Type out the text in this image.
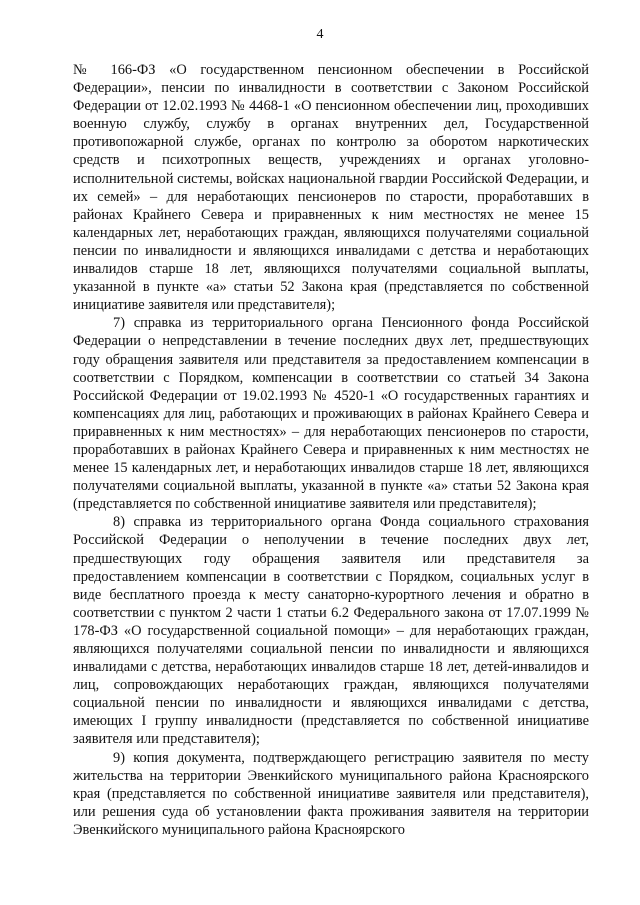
4

№ 166-ФЗ «О государственном пенсионном обеспечении в Российской Федерации», пенсии по инвалидности в соответствии с Законом Российской Федерации от 12.02.1993 № 4468-1 «О пенсионном обеспечении лиц, проходивших военную службу, службу в органах внутренних дел, Государственной противопожарной службе, органах по контролю за оборотом наркотических средств и психотропных веществ, учреждениях и органах уголовно-исполнительной системы, войсках национальной гвардии Российской Федерации, и их семей» – для неработающих пенсионеров по старости, проработавших в районах Крайнего Севера и приравненных к ним местностях не менее 15 календарных лет, неработающих граждан, являющихся получателями социальной пенсии по инвалидности и являющихся инвалидами с детства и неработающих инвалидов старше 18 лет, являющихся получателями социальной выплаты, указанной в пункте «а» статьи 52 Закона края (представляется по собственной инициативе заявителя или представителя);

7) справка из территориального органа Пенсионного фонда Российской Федерации о непредставлении в течение последних двух лет, предшествующих году обращения заявителя или представителя за предоставлением компенсации в соответствии с Порядком, компенсации в соответствии со статьей 34 Закона Российской Федерации от 19.02.1993 № 4520-1 «О государственных гарантиях и компенсациях для лиц, работающих и проживающих в районах Крайнего Севера и приравненных к ним местностях» – для неработающих пенсионеров по старости, проработавших в районах Крайнего Севера и приравненных к ним местностях не менее 15 календарных лет, и неработающих инвалидов старше 18 лет, являющихся получателями социальной выплаты, указанной в пункте «а» статьи 52 Закона края (представляется по собственной инициативе заявителя или представителя);

8) справка из территориального органа Фонда социального страхования Российской Федерации о неполучении в течение последних двух лет, предшествующих году обращения заявителя или представителя за предоставлением компенсации в соответствии с Порядком, социальных услуг в виде бесплатного проезда к месту санаторно-курортного лечения и обратно в соответствии с пунктом 2 части 1 статьи 6.2 Федерального закона от 17.07.1999 № 178-ФЗ «О государственной социальной помощи» – для неработающих граждан, являющихся получателями социальной пенсии по инвалидности и являющихся инвалидами с детства, неработающих инвалидов старше 18 лет, детей-инвалидов и лиц, сопровождающих неработающих граждан, являющихся получателями социальной пенсии по инвалидности и являющихся инвалидами с детства, имеющих I группу инвалидности (представляется по собственной инициативе заявителя или представителя);

9) копия документа, подтверждающего регистрацию заявителя по месту жительства на территории Эвенкийского муниципального района Красноярского края (представляется по собственной инициативе заявителя или представителя), или решения суда об установлении факта проживания заявителя на территории Эвенкийского муниципального района Красноярского
